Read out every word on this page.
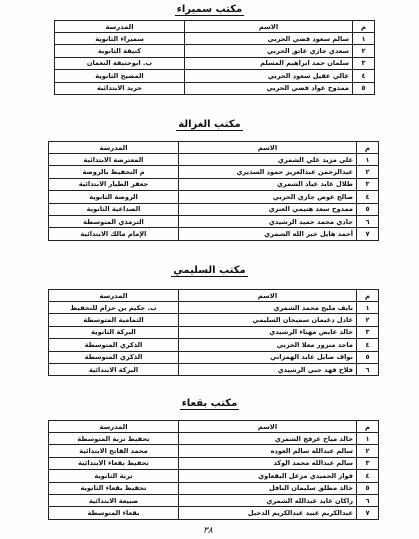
مكتب سميراء
م	الاسم	المدرسة
١	سالم سعود فضي الحربي	سميراء الثانوية
٢	سعدي جازي عاتق الحربي	كتيفة الثانوية
٣	سلمان حمد ابراهيم المسلم	ب. ابوحنيفة النعمان
٤	عالي عقيل سعود الحربي	المضيح الثانوية
٥	ممدوح عواد فضي الحربي	حريد الابتدائية
مكتب الغزالة
م	الاسم	المدرسة
١	علي مزيد علي الشمري	المعترضة الابتدائية
٢	عبدالرحمن عبدالعزيز حمود السديري	م التحفيظ بالروضة
٣	طلال عايد عياد الشمري	جعفر الطيار الابتدائية
٤	صالح عوض جازي الحربي	الروضة الثانوية
٥	ممدوح سعد هتيمي العنزي	الصداعية الثانوية
٦	جادي محمد حميد الرشيدي	الترمذي المتوسطة
٧	أحمد هايل خير الله الشمري	الإمام مالك الابتدائية
مكتب السليمي
م	الاسم	المدرسة
١	نايف مليح محمد الشمري	ب. حكيم بن حزام للتحفيظ
٢	عادل دغيمان سميحان السليمي	الثمامية المتوسطة
٣	خالد عايض مهناء الرشيدي	البركة الثانوية
٤	ماجد منزور معلا الحربي	الذكري المتوسطة
٥	نواف صايل عايد الهمزاني	الذكري المتوسطة
٦	فلاح فهد حبي الرشيدي	البركة الابتدائية
مكتب بقعاء
م	الاسم	المدرسة
١	خالد مياح عرفج الشمري	تحفيظ تربة المتوسطة
٢	سالم عبدالله سالم العوده	محمد الفاتح الابتدائية
٣	سالم عبدالله محمد الوكد	تحفيظ بقعاء الابتدائية
٤	فواز الحميدي مزعل البقعاوي	تربة الثانوية
٥	خالد مطلق سليمان النافل	تحفيظ بقعاء الثانوية
٦	راكان عايد عبدالله الشمري	ضبيعة الابتدائية
٧	عبدالكريم عبيد عبدالكريم الدخيل	بقعاء المتوسطة
٣٨
